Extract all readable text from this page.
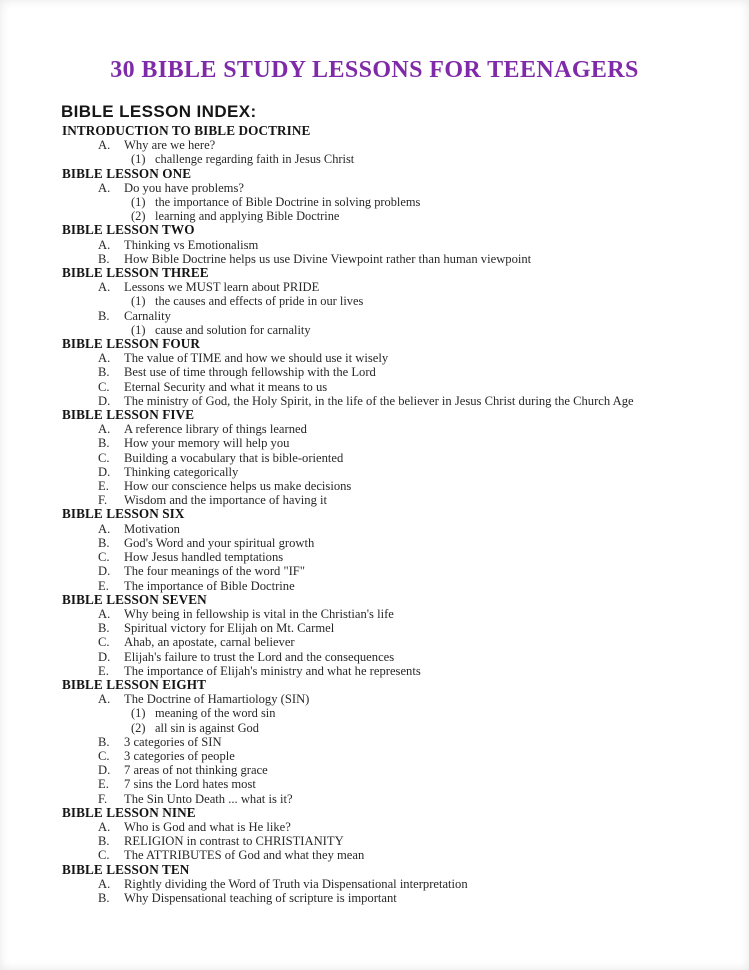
30 BIBLE STUDY LESSONS FOR TEENAGERS
BIBLE LESSON INDEX:
INTRODUCTION TO BIBLE DOCTRINE
A. Why are we here?
(1) challenge regarding faith in Jesus Christ
BIBLE LESSON ONE
A. Do you have problems?
(1) the importance of Bible Doctrine in solving problems
(2) learning and applying Bible Doctrine
BIBLE LESSON TWO
A. Thinking vs Emotionalism
B. How Bible Doctrine helps us use Divine Viewpoint rather than human viewpoint
BIBLE LESSON THREE
A. Lessons we MUST learn about PRIDE
(1) the causes and effects of pride in our lives
B. Carnality
(1) cause and solution for carnality
BIBLE LESSON FOUR
A. The value of TIME and how we should use it wisely
B. Best use of time through fellowship with the Lord
C. Eternal Security and what it means to us
D. The ministry of God, the Holy Spirit, in the life of the believer in Jesus Christ during the Church Age
BIBLE LESSON FIVE
A. A reference library of things learned
B. How your memory will help you
C. Building a vocabulary that is bible-oriented
D. Thinking categorically
E. How our conscience helps us make decisions
F. Wisdom and the importance of having it
BIBLE LESSON SIX
A. Motivation
B. God's Word and your spiritual growth
C. How Jesus handled temptations
D. The four meanings of the word "IF"
E. The importance of Bible Doctrine
BIBLE LESSON SEVEN
A. Why being in fellowship is vital in the Christian's life
B. Spiritual victory for Elijah on Mt. Carmel
C. Ahab, an apostate, carnal believer
D. Elijah's failure to trust the Lord and the consequences
E. The importance of Elijah's ministry and what he represents
BIBLE LESSON EIGHT
A. The Doctrine of Hamartiology (SIN)
(1) meaning of the word sin
(2) all sin is against God
B. 3 categories of SIN
C. 3 categories of people
D. 7 areas of not thinking grace
E. 7 sins the Lord hates most
F. The Sin Unto Death ... what is it?
BIBLE LESSON NINE
A. Who is God and what is He like?
B. RELIGION in contrast to CHRISTIANITY
C. The ATTRIBUTES of God and what they mean
BIBLE LESSON TEN
A. Rightly dividing the Word of Truth via Dispensational interpretation
B. Why Dispensational teaching of scripture is important
